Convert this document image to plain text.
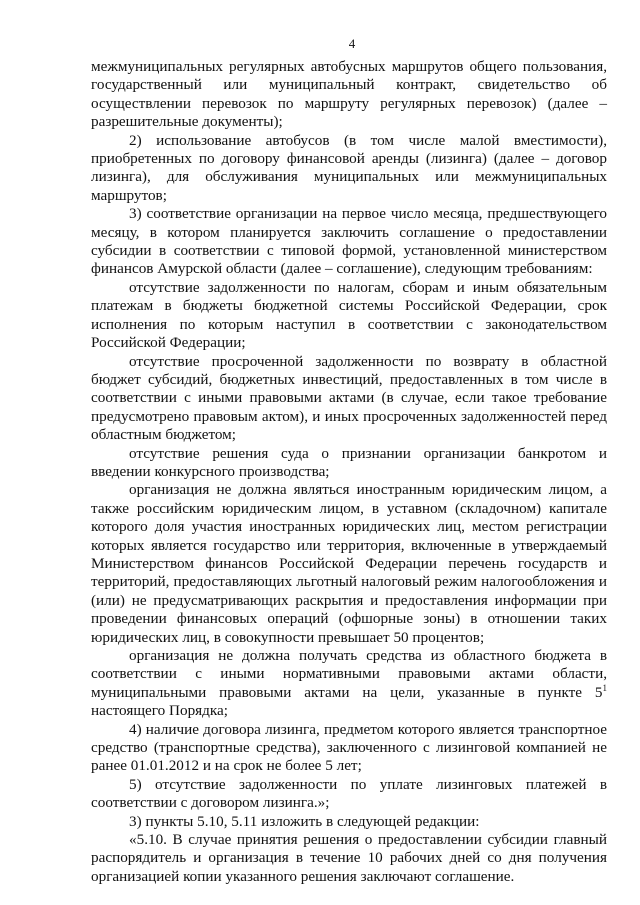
4

межмуниципальных регулярных автобусных маршрутов общего пользования, государственный или муниципальный контракт, свидетельство об осуществлении перевозок по маршруту регулярных перевозок) (далее – разрешительные документы);

2) использование автобусов (в том числе малой вместимости), приобретенных по договору финансовой аренды (лизинга) (далее – договор лизинга), для обслуживания муниципальных или межмуниципальных маршрутов;

3) соответствие организации на первое число месяца, предшествующего месяцу, в котором планируется заключить соглашение о предоставлении субсидии в соответствии с типовой формой, установленной министерством финансов Амурской области (далее – соглашение), следующим требованиям:

отсутствие задолженности по налогам, сборам и иным обязательным платежам в бюджеты бюджетной системы Российской Федерации, срок исполнения по которым наступил в соответствии с законодательством Российской Федерации;

отсутствие просроченной задолженности по возврату в областной бюджет субсидий, бюджетных инвестиций, предоставленных в том числе в соответствии с иными правовыми актами (в случае, если такое требование предусмотрено правовым актом), и иных просроченных задолженностей перед областным бюджетом;

отсутствие решения суда о признании организации банкротом и введении конкурсного производства;

организация не должна являться иностранным юридическим лицом, а также российским юридическим лицом, в уставном (складочном) капитале которого доля участия иностранных юридических лиц, местом регистрации которых является государство или территория, включенные в утверждаемый Министерством финансов Российской Федерации перечень государств и территорий, предоставляющих льготный налоговый режим налогообложения и (или) не предусматривающих раскрытия и предоставления информации при проведении финансовых операций (офшорные зоны) в отношении таких юридических лиц, в совокупности превышает 50 процентов;

организация не должна получать средства из областного бюджета в соответствии с иными нормативными правовыми актами области, муниципальными правовыми актами на цели, указанные в пункте $5^1$ настоящего Порядка;

4) наличие договора лизинга, предметом которого является транспортное средство (транспортные средства), заключенного с лизинговой компанией не ранее 01.01.2012 и на срок не более 5 лет;

5) отсутствие задолженности по уплате лизинговых платежей в соответствии с договором лизинга.»;

3) пункты 5.10, 5.11 изложить в следующей редакции:

«5.10. В случае принятия решения о предоставлении субсидии главный распорядитель и организация в течение 10 рабочих дней со дня получения организацией копии указанного решения заключают соглашение.
